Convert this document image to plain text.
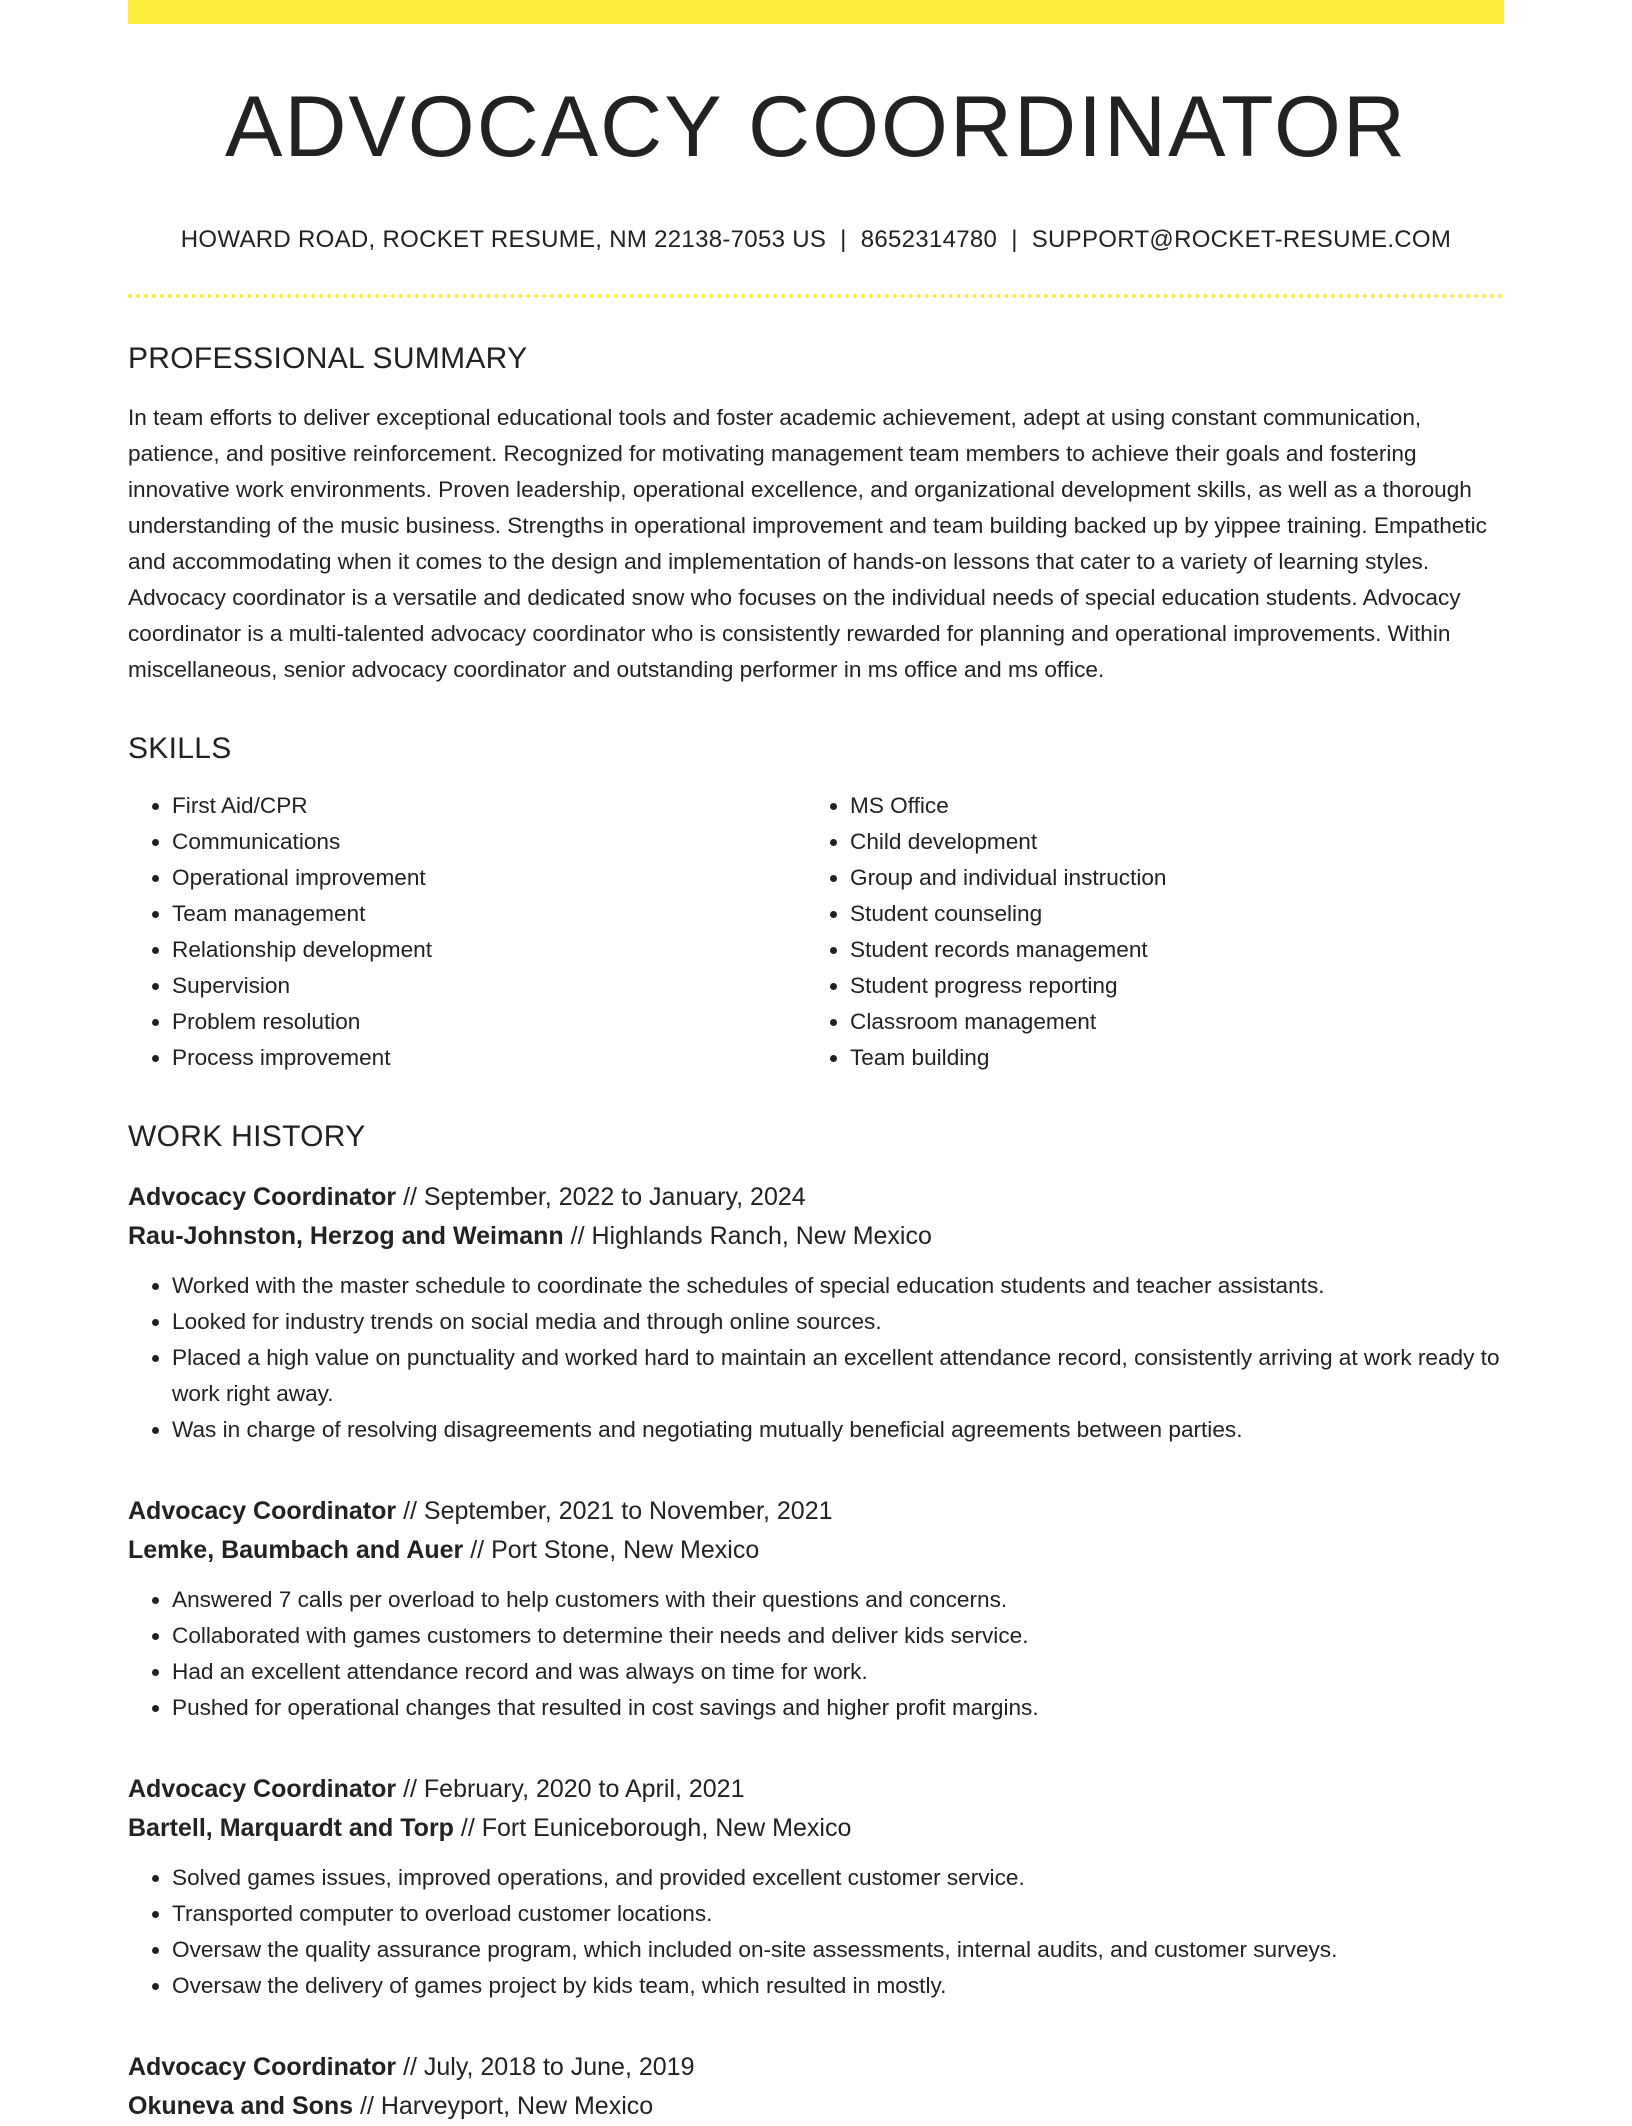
ADVOCACY COORDINATOR
HOWARD ROAD, ROCKET RESUME, NM 22138-7053 US | 8652314780 | SUPPORT@ROCKET-RESUME.COM
PROFESSIONAL SUMMARY

In team efforts to deliver exceptional educational tools and foster academic achievement, adept at using constant communication, patience, and positive reinforcement. Recognized for motivating management team members to achieve their goals and fostering innovative work environments. Proven leadership, operational excellence, and organizational development skills, as well as a thorough understanding of the music business. Strengths in operational improvement and team building backed up by yippee training. Empathetic and accommodating when it comes to the design and implementation of hands-on lessons that cater to a variety of learning styles. Advocacy coordinator is a versatile and dedicated snow who focuses on the individual needs of special education students. Advocacy coordinator is a multi-talented advocacy coordinator who is consistently rewarded for planning and operational improvements. Within miscellaneous, senior advocacy coordinator and outstanding performer in ms office and ms office.

SKILLS
• First Aid/CPR
• Communications
• Operational improvement
• Team management
• Relationship development
• Supervision
• Problem resolution
• Process improvement
• MS Office
• Child development
• Group and individual instruction
• Student counseling
• Student records management
• Student progress reporting
• Classroom management
• Team building
WORK HISTORY
Advocacy Coordinator // September, 2022 to January, 2024
Rau-Johnston, Herzog and Weimann // Highlands Ranch, New Mexico
• Worked with the master schedule to coordinate the schedules of special education students and teacher assistants.
• Looked for industry trends on social media and through online sources.
• Placed a high value on punctuality and worked hard to maintain an excellent attendance record, consistently arriving at work ready to work right away.
• Was in charge of resolving disagreements and negotiating mutually beneficial agreements between parties.
Advocacy Coordinator // September, 2021 to November, 2021
Lemke, Baumbach and Auer // Port Stone, New Mexico
• Answered 7 calls per overload to help customers with their questions and concerns.
• Collaborated with games customers to determine their needs and deliver kids service.
• Had an excellent attendance record and was always on time for work.
• Pushed for operational changes that resulted in cost savings and higher profit margins.
Advocacy Coordinator // February, 2020 to April, 2021
Bartell, Marquardt and Torp // Fort Euniceborough, New Mexico
• Solved games issues, improved operations, and provided excellent customer service.
• Transported computer to overload customer locations.
• Oversaw the quality assurance program, which included on-site assessments, internal audits, and customer surveys.
• Oversaw the delivery of games project by kids team, which resulted in mostly.
Advocacy Coordinator // July, 2018 to June, 2019
Okuneva and Sons // Harveyport, New Mexico
